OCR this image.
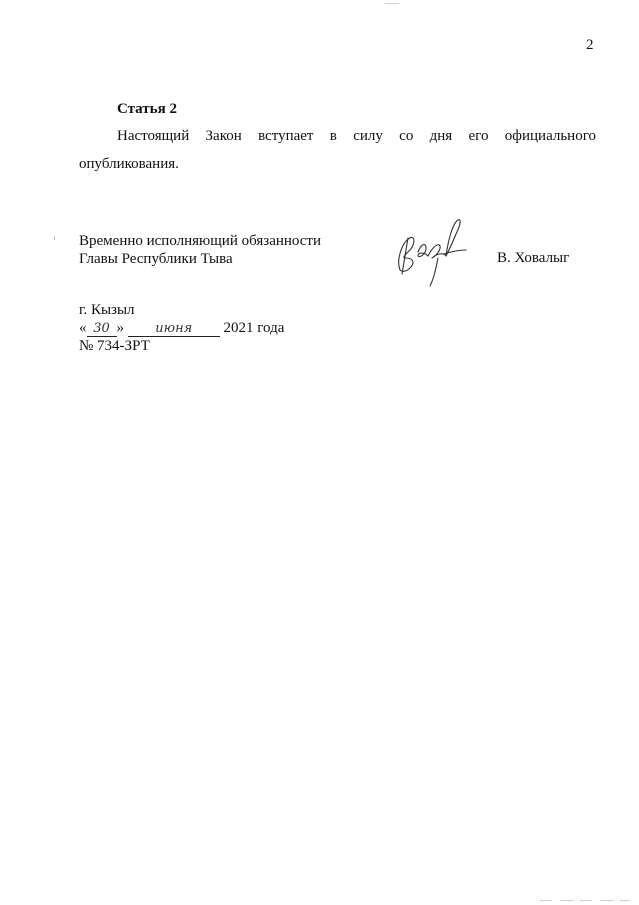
2
Статья 2
Настоящий Закон вступает в силу со дня его официального
опубликования.
Временно исполняющий обязанности
Главы Республики Тыва	В. Ховалыг
г. Кызыл
« 30 » июня 2021 года
№ 734-ЗРТ
